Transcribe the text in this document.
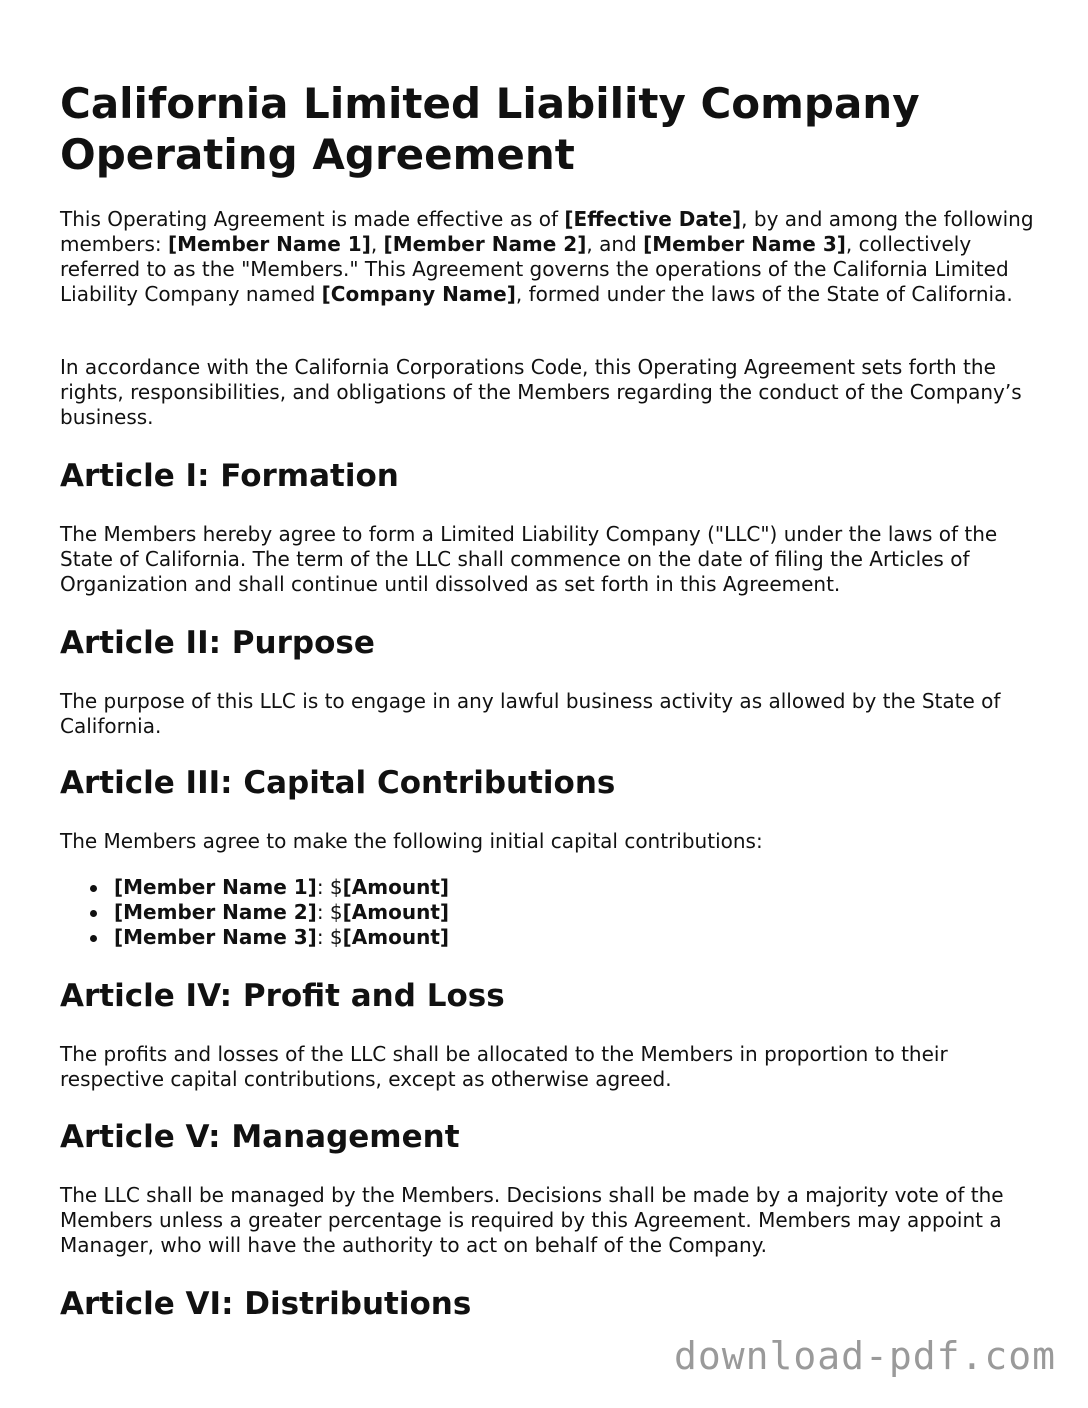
California Limited Liability Company Operating Agreement

This Operating Agreement is made effective as of [Effective Date], by and among the following members: [Member Name 1], [Member Name 2], and [Member Name 3], collectively referred to as the "Members." This Agreement governs the operations of the California Limited Liability Company named [Company Name], formed under the laws of the State of California.

In accordance with the California Corporations Code, this Operating Agreement sets forth the rights, responsibilities, and obligations of the Members regarding the conduct of the Company’s business.

Article I: Formation

The Members hereby agree to form a Limited Liability Company ("LLC") under the laws of the State of California. The term of the LLC shall commence on the date of filing the Articles of Organization and shall continue until dissolved as set forth in this Agreement.

Article II: Purpose

The purpose of this LLC is to engage in any lawful business activity as allowed by the State of California.

Article III: Capital Contributions

The Members agree to make the following initial capital contributions:

[Member Name 1]: $[Amount]
[Member Name 2]: $[Amount]
[Member Name 3]: $[Amount]
Article IV: Profit and Loss

The profits and losses of the LLC shall be allocated to the Members in proportion to their respective capital contributions, except as otherwise agreed.

Article V: Management

The LLC shall be managed by the Members. Decisions shall be made by a majority vote of the Members unless a greater percentage is required by this Agreement. Members may appoint a Manager, who will have the authority to act on behalf of the Company.

Article VI: Distributions
download-pdf.com
